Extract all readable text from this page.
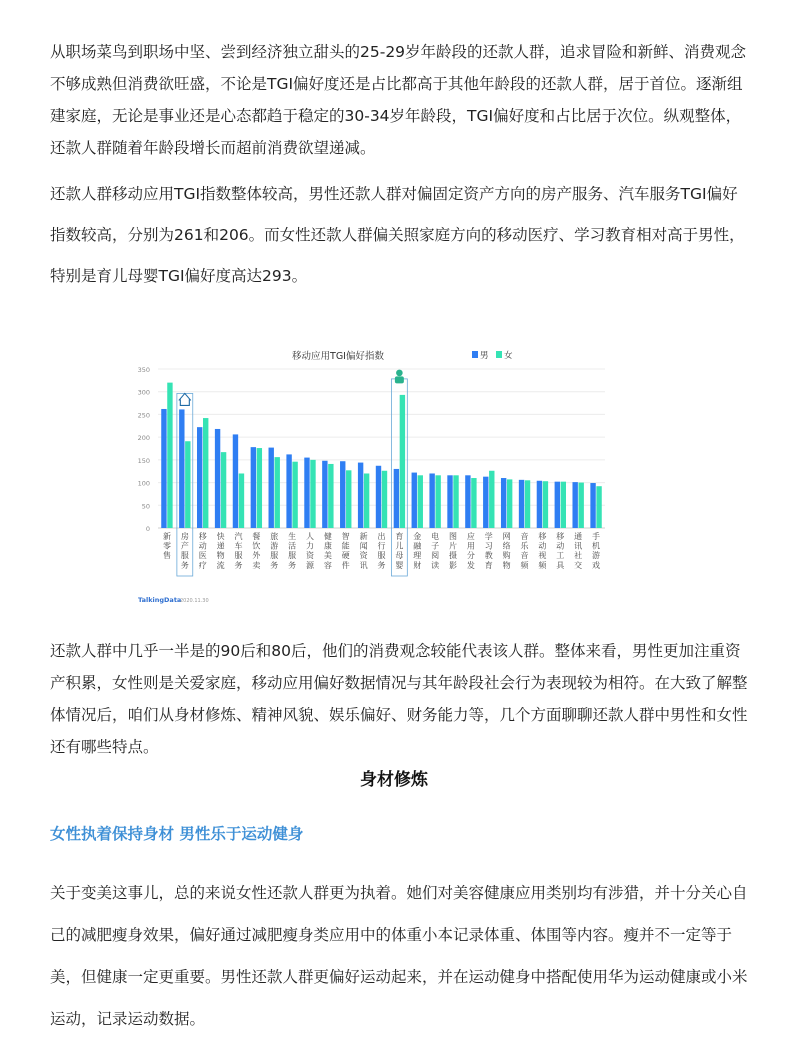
从职场菜鸟到职场中坚、尝到经济独立甜头的25-29岁年龄段的还款人群，追求冒险和新鲜、消费观念不够成熟但消费欲旺盛，不论是TGI偏好度还是占比都高于其他年龄段的还款人群，居于首位。逐渐组建家庭，无论是事业还是心态都趋于稳定的30-34岁年龄段，TGI偏好度和占比居于次位。纵观整体，还款人群随着年龄段增长而超前消费欲望递减。

还款人群移动应用TGI指数整体较高，男性还款人群对偏固定资产方向的房产服务、汽车服务TGI偏好指数较高，分别为261和206。而女性还款人群偏关照家庭方向的移动医疗、学习教育相对高于男性，特别是育儿母婴TGI偏好度高达293。

0
50
100
150
200
250
300
350
移动应用TGI偏好指数	男 女
新零售
房产服务
移动医疗
快递物流
汽车服务
餐饮外卖
旅游服务
生活服务
人力资源
健康美容
智能硬件
新闻资讯
出行服务
育儿母婴
金融理财
电子阅读
图片摄影
应用分发
学习教育
网络购物
音乐音频
移动视频
移动工具
通讯社交
手机游戏
TalkingData
2020.11.30

还款人群中几乎一半是的90后和80后，他们的消费观念较能代表该人群。整体来看，男性更加注重资产积累，女性则是关爱家庭，移动应用偏好数据情况与其年龄段社会行为表现较为相符。在大致了解整体情况后，咱们从身材修炼、精神风貌、娱乐偏好、财务能力等，几个方面聊聊还款人群中男性和女性还有哪些特点。

身材修炼
女性执着保持身材 男性乐于运动健身

关于变美这事儿，总的来说女性还款人群更为执着。她们对美容健康应用类别均有涉猎，并十分关心自己的减肥瘦身效果，偏好通过减肥瘦身类应用中的体重小本记录体重、体围等内容。瘦并不一定等于美，但健康一定更重要。男性还款人群更偏好运动起来，并在运动健身中搭配使用华为运动健康或小米运动，记录运动数据。
